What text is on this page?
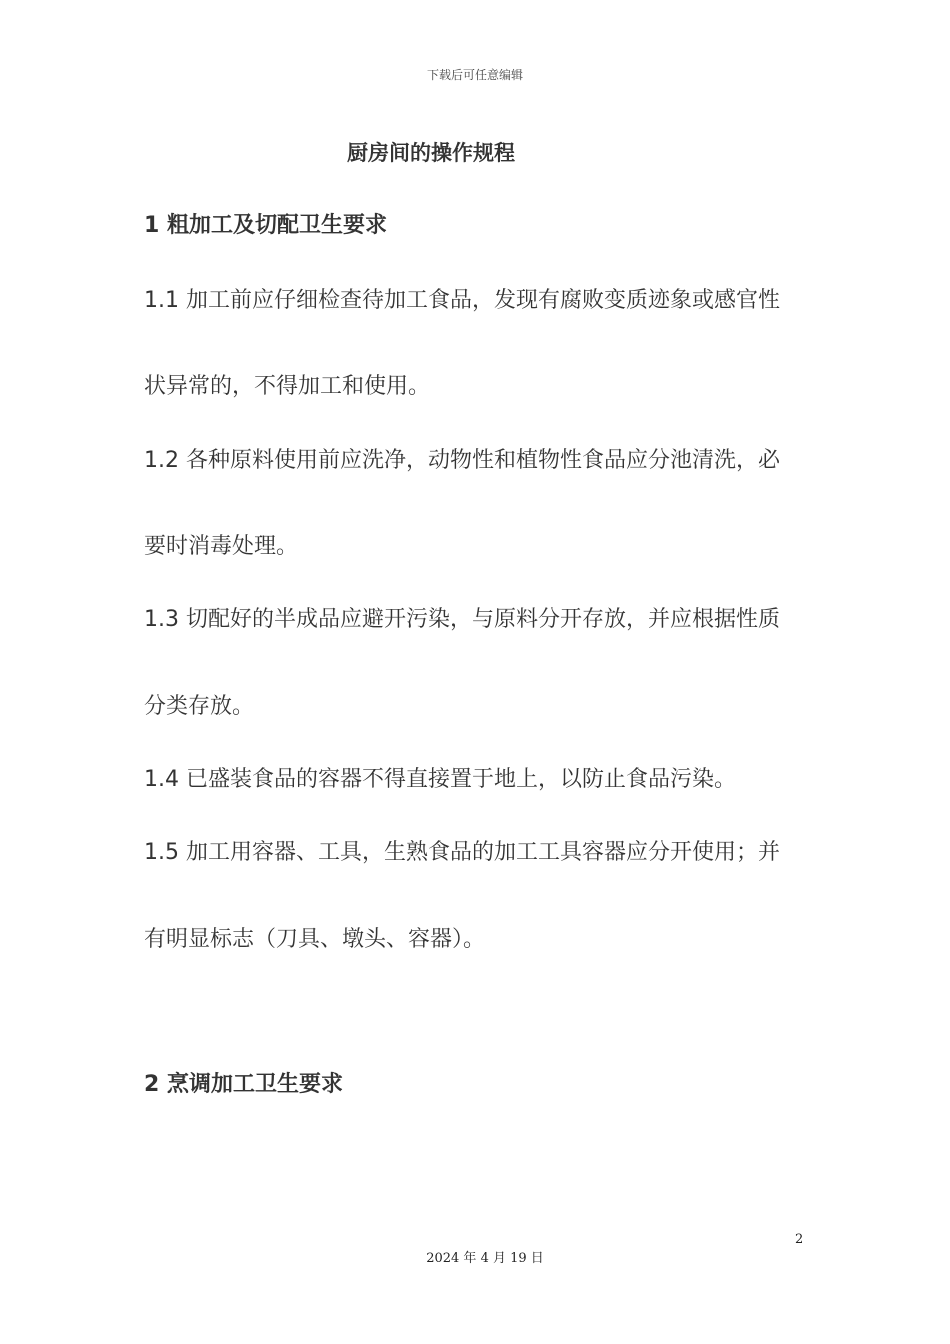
下载后可任意编辑
厨房间的操作规程
1 粗加工及切配卫生要求
1.1 加工前应仔细检查待加工食品，发现有腐败变质迹象或感官性
状异常的，不得加工和使用。
1.2 各种原料使用前应洗净，动物性和植物性食品应分池清洗，必
要时消毒处理。
1.3 切配好的半成品应避开污染，与原料分开存放，并应根据性质
分类存放。
1.4 已盛装食品的容器不得直接置于地上，以防止食品污染。
1.5 加工用容器、工具，生熟食品的加工工具容器应分开使用；并
有明显标志（刀具、墩头、容器）。
2 烹调加工卫生要求
2
2024 年 4 月 19 日
